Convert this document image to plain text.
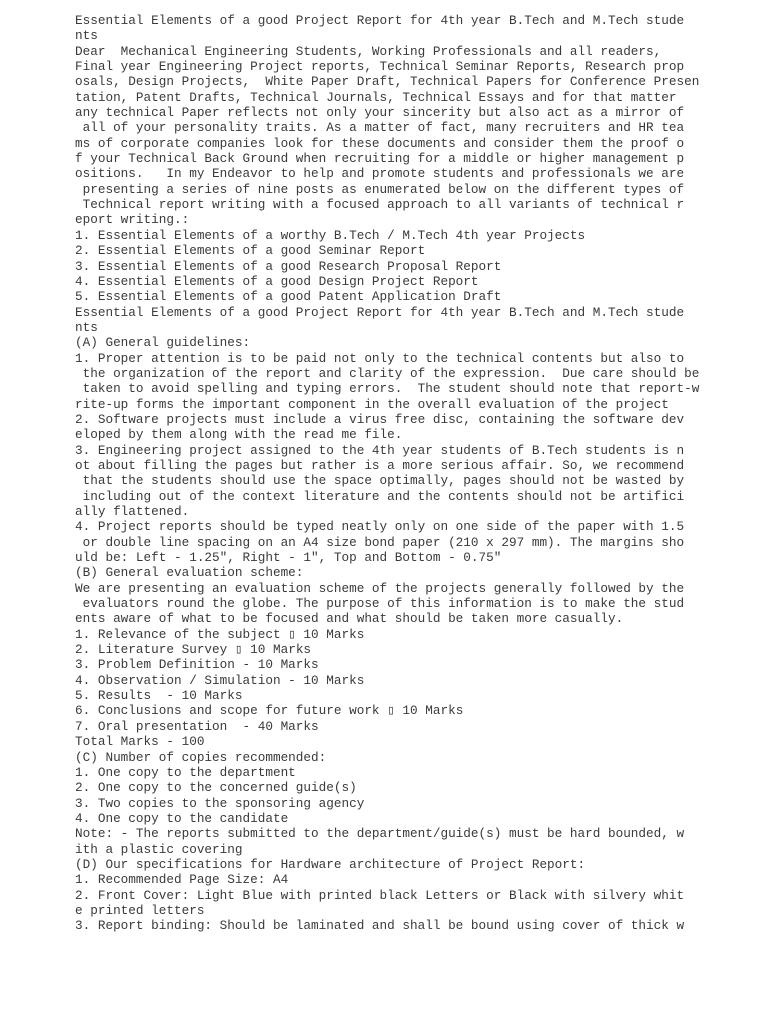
Essential Elements of a good Project Report for 4th year B.Tech and M.Tech stude
nts
Dear  Mechanical Engineering Students, Working Professionals and all readers,
Final year Engineering Project reports, Technical Seminar Reports, Research prop
osals, Design Projects,  White Paper Draft, Technical Papers for Conference Presen
tation, Patent Drafts, Technical Journals, Technical Essays and for that matter
any technical Paper reflects not only your sincerity but also act as a mirror of
all of your personality traits. As a matter of fact, many recruiters and HR tea
ms of corporate companies look for these documents and consider them the proof o
f your Technical Back Ground when recruiting for a middle or higher management p
ositions.   In my Endeavor to help and promote students and professionals we are
presenting a series of nine posts as enumerated below on the different types of
Technical report writing with a focused approach to all variants of technical r
eport writing.:
1. Essential Elements of a worthy B.Tech / M.Tech 4th year Projects
2. Essential Elements of a good Seminar Report
3. Essential Elements of a good Research Proposal Report
4. Essential Elements of a good Design Project Report
5. Essential Elements of a good Patent Application Draft
Essential Elements of a good Project Report for 4th year B.Tech and M.Tech stude
nts
(A) General guidelines:
1. Proper attention is to be paid not only to the technical contents but also to
the organization of the report and clarity of the expression.  Due care should be
taken to avoid spelling and typing errors.  The student should note that report-w
rite-up forms the important component in the overall evaluation of the project
2. Software projects must include a virus free disc, containing the software dev
eloped by them along with the read me file.
3. Engineering project assigned to the 4th year students of B.Tech students is n
ot about filling the pages but rather is a more serious affair. So, we recommend
that the students should use the space optimally, pages should not be wasted by
including out of the context literature and the contents should not be artifici
ally flattened.
4. Project reports should be typed neatly only on one side of the paper with 1.5
or double line spacing on an A4 size bond paper (210 x 297 mm). The margins sho
uld be: Left - 1.25", Right - 1", Top and Bottom - 0.75"
(B) General evaluation scheme:
We are presenting an evaluation scheme of the projects generally followed by the
evaluators round the globe. The purpose of this information is to make the stud
ents aware of what to be focused and what should be taken more casually.
1. Relevance of the subject ▯ 10 Marks
2. Literature Survey ▯ 10 Marks
3. Problem Definition - 10 Marks
4. Observation / Simulation - 10 Marks
5. Results  - 10 Marks
6. Conclusions and scope for future work ▯ 10 Marks
7. Oral presentation  - 40 Marks
Total Marks - 100
(C) Number of copies recommended:
1. One copy to the department
2. One copy to the concerned guide(s)
3. Two copies to the sponsoring agency
4. One copy to the candidate
Note: - The reports submitted to the department/guide(s) must be hard bounded, w
ith a plastic covering
(D) Our specifications for Hardware architecture of Project Report:
1. Recommended Page Size: A4
2. Front Cover: Light Blue with printed black Letters or Black with silvery whit
e printed letters
3. Report binding: Should be laminated and shall be bound using cover of thick w
